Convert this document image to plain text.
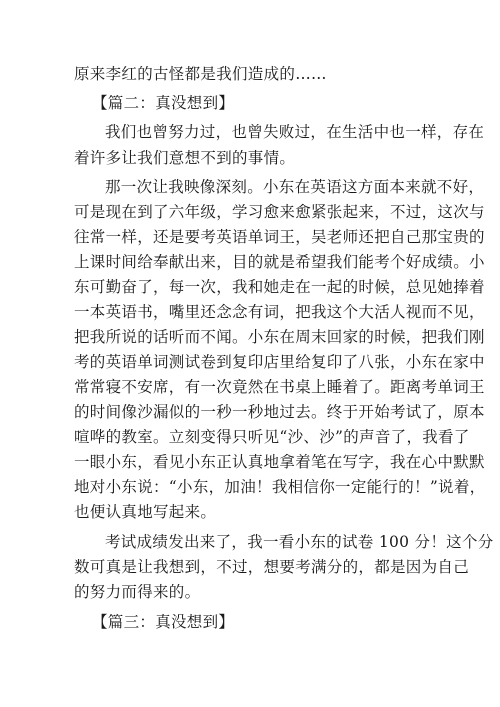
原来李红的古怪都是我们造成的……
【篇二：真没想到】
我们也曾努力过，也曾失败过，在生活中也一样，存在
着许多让我们意想不到的事情。
那一次让我映像深刻。小东在英语这方面本来就不好，
可是现在到了六年级，学习愈来愈紧张起来，不过，这次与
往常一样，还是要考英语单词王，吴老师还把自己那宝贵的
上课时间给奉献出来，目的就是希望我们能考个好成绩。小
东可勤奋了，每一次，我和她走在一起的时候，总见她捧着
一本英语书，嘴里还念念有词，把我这个大活人视而不见，
把我所说的话听而不闻。小东在周末回家的时候，把我们刚
考的英语单词测试卷到复印店里给复印了八张，小东在家中
常常寝不安席，有一次竟然在书桌上睡着了。距离考单词王
的时间像沙漏似的一秒一秒地过去。终于开始考试了，原本
喧哗的教室。立刻变得只听见“沙、沙”的声音了，我看了
一眼小东，看见小东正认真地拿着笔在写字，我在心中默默
地对小东说：“小东，加油！我相信你一定能行的！”说着，
也便认真地写起来。
考试成绩发出来了，我一看小东的试卷 100 分！这个分
数可真是让我想到，不过，想要考满分的，都是因为自己
的努力而得来的。
【篇三：真没想到】
